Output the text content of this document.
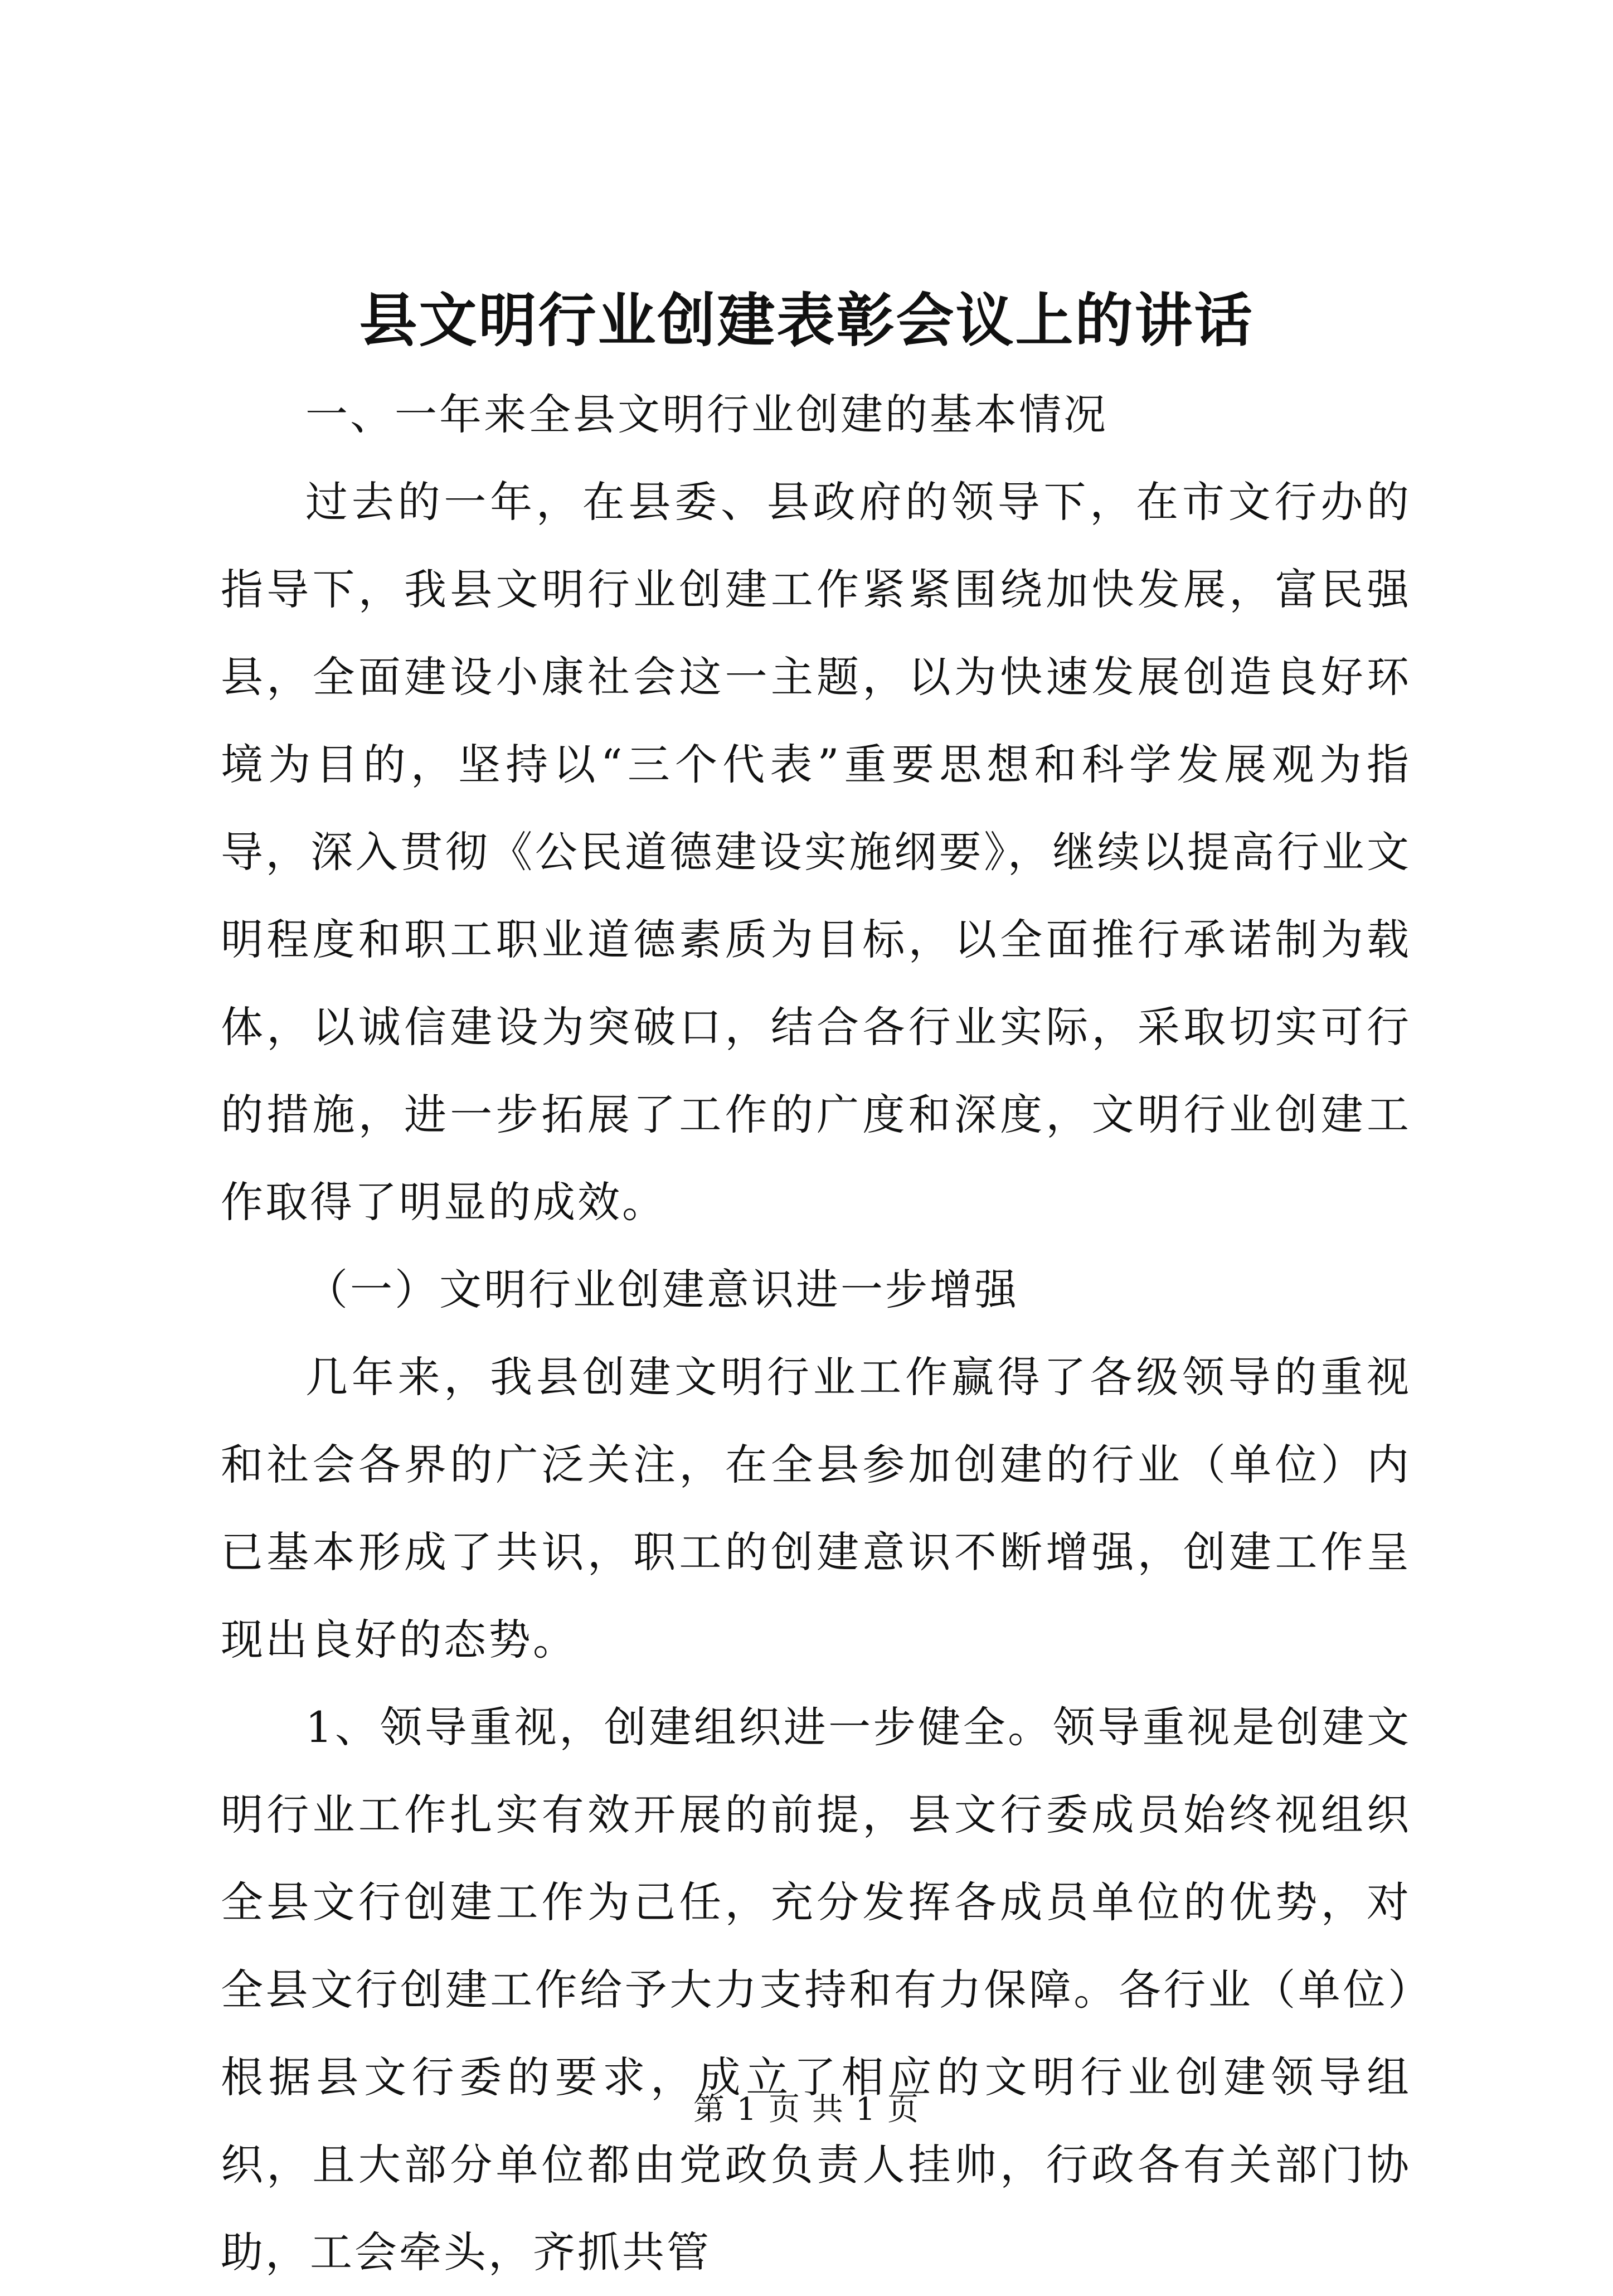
县文明行业创建表彰会议上的讲话

一、一年来全县文明行业创建的基本情况

过去的一年，在县委、县政府的领导下，在市文行办的指导下，我县文明行业创建工作紧紧围绕加快发展，富民强县，全面建设小康社会这一主题，以为快速发展创造良好环境为目的，坚持以“三个代表”重要思想和科学发展观为指导，深入贯彻《公民道德建设实施纲要》，继续以提高行业文明程度和职工职业道德素质为目标，以全面推行承诺制为载体，以诚信建设为突破口，结合各行业实际，采取切实可行的措施，进一步拓展了工作的广度和深度，文明行业创建工作取得了明显的成效。

（一）文明行业创建意识进一步增强

几年来，我县创建文明行业工作赢得了各级领导的重视和社会各界的广泛关注，在全县参加创建的行业（单位）内已基本形成了共识，职工的创建意识不断增强，创建工作呈现出良好的态势。

1、领导重视，创建组织进一步健全。领导重视是创建文明行业工作扎实有效开展的前提，县文行委成员始终视组织全县文行创建工作为己任，充分发挥各成员单位的优势，对全县文行创建工作给予大力支持和有力保障。各行业（单位）根据县文行委的要求，成立了相应的文明行业创建领导组织，且大部分单位都由党政负责人挂帅，行政各有关部门协助，工会牵头，齐抓共管

第 1 页 共 1 页
